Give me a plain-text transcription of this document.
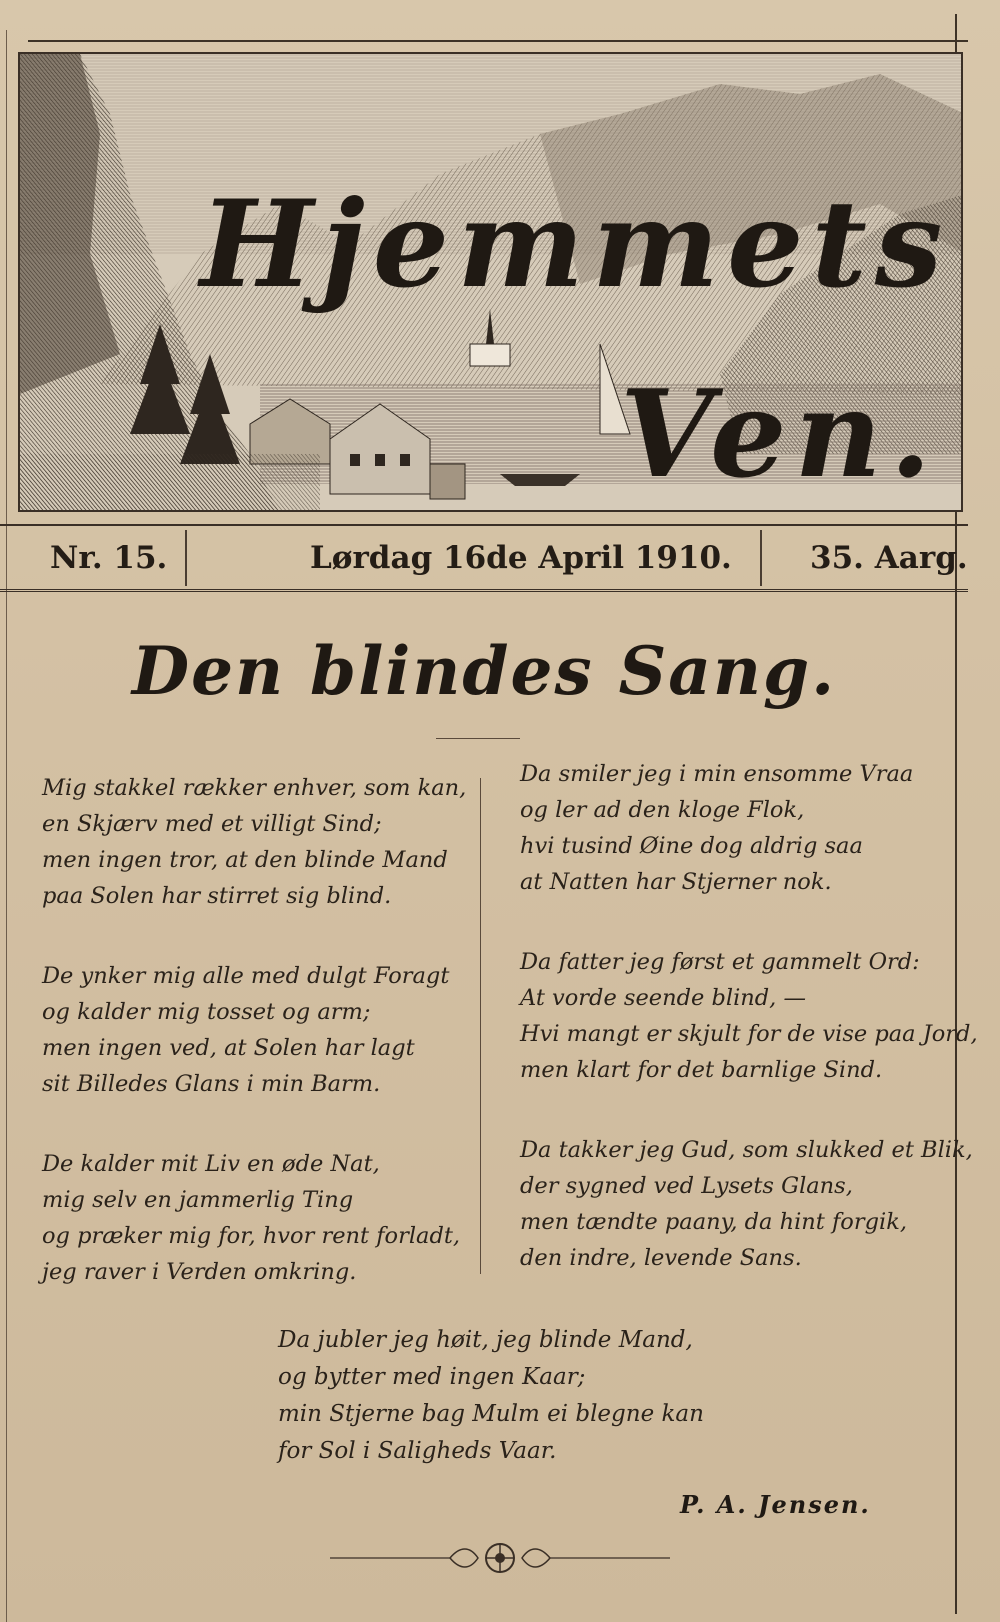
Hjemmets
Ven.
Nr. 15.	Lørdag 16de April 1910.	35. Aarg.
Den blindes Sang.
Mig stakkel rækker enhver, som kan,
en Skjærv med et villigt Sind;
men ingen tror, at den blinde Mand
paa Solen har stirret sig blind.
De ynker mig alle med dulgt Foragt
og kalder mig tosset og arm;
men ingen ved, at Solen har lagt
sit Billedes Glans i min Barm.
De kalder mit Liv en øde Nat,
mig selv en jammerlig Ting
og præker mig for, hvor rent forladt,
jeg raver i Verden omkring.
Da smiler jeg i min ensomme Vraa
og ler ad den kloge Flok,
hvi tusind Øine dog aldrig saa
at Natten har Stjerner nok.
Da fatter jeg først et gammelt Ord:
At vorde seende blind, —
Hvi mangt er skjult for de vise paa Jord,
men klart for det barnlige Sind.
Da takker jeg Gud, som slukked et Blik,
der sygned ved Lysets Glans,
men tændte paany, da hint forgik,
den indre, levende Sans.
Da jubler jeg høit, jeg blinde Mand,
og bytter med ingen Kaar;
min Stjerne bag Mulm ei blegne kan
for Sol i Saligheds Vaar.
P. A. Jensen.
